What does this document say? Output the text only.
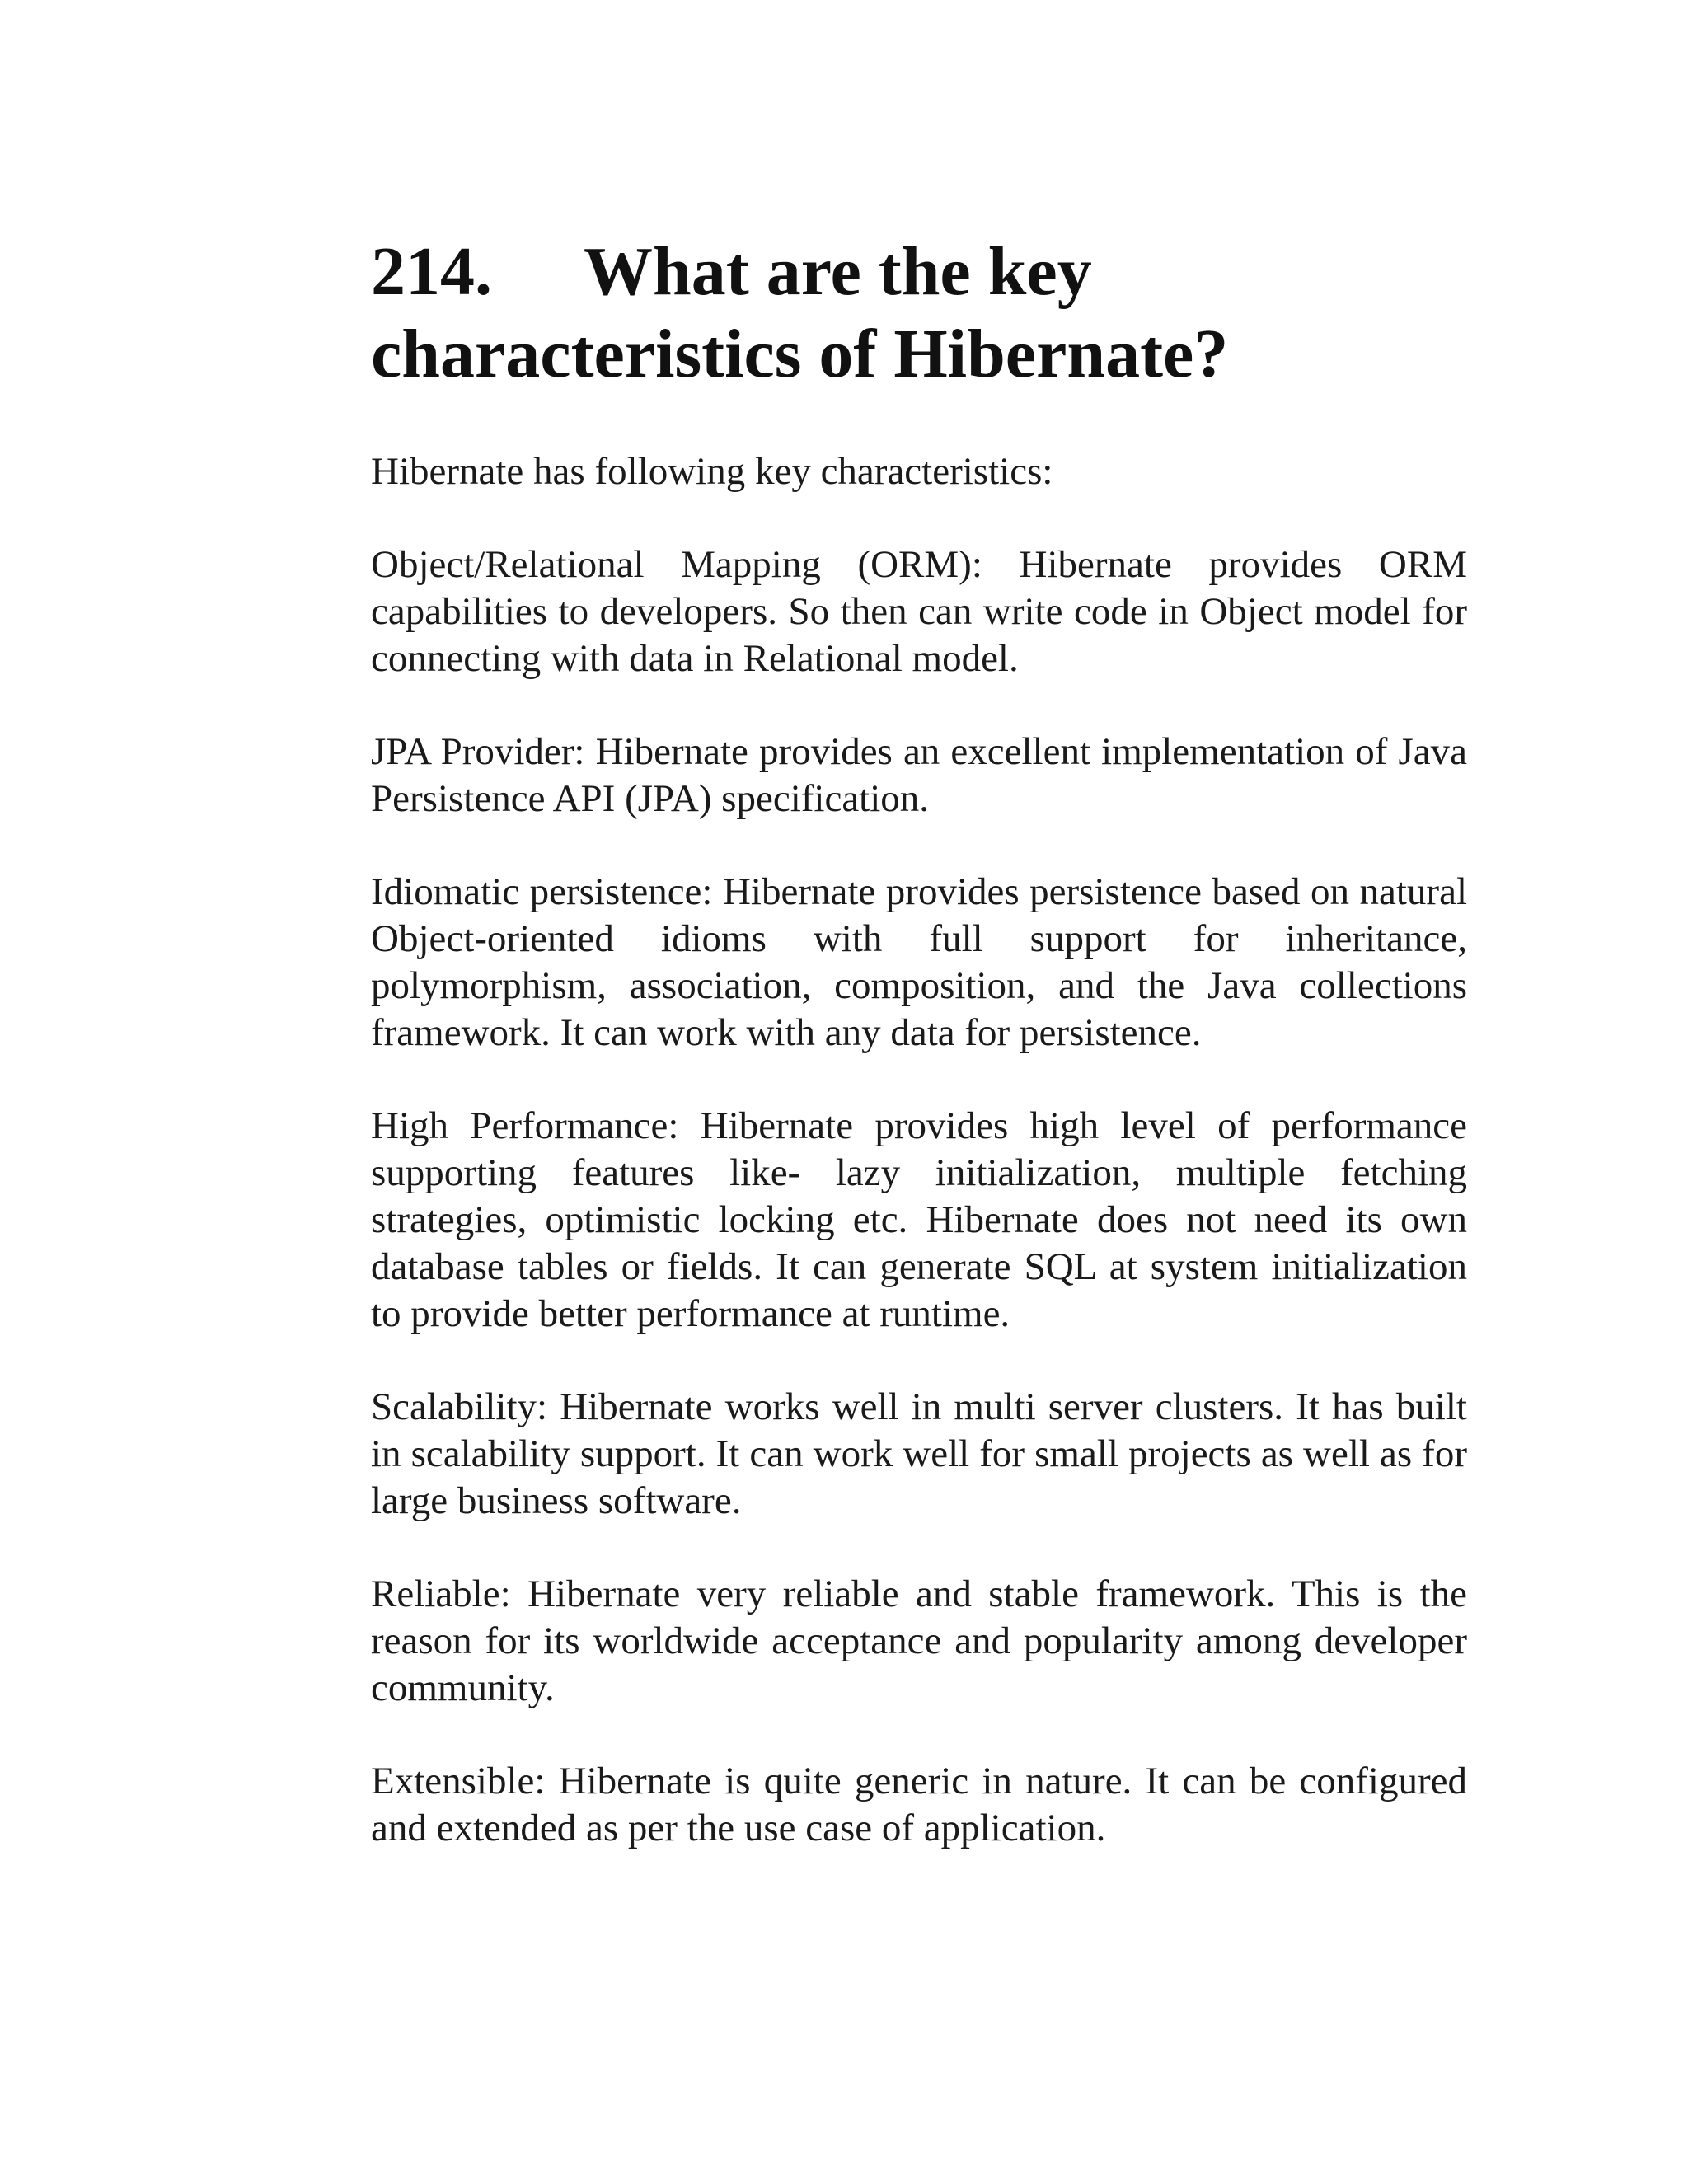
214. What are the key
characteristics of Hibernate?

Hibernate has following key characteristics:

Object/Relational Mapping (ORM): Hibernate provides ORM capabilities to developers. So then can write code in Object model for connecting with data in Relational model.

JPA Provider: Hibernate provides an excellent implementation of Java Persistence API (JPA) specification.

Idiomatic persistence: Hibernate provides persistence based on natural Object-oriented idioms with full support for inheritance, polymorphism, association, composition, and the Java collections framework. It can work with any data for persistence.

High Performance: Hibernate provides high level of performance supporting features like- lazy initialization, multiple fetching strategies, optimistic locking etc. Hibernate does not need its own database tables or fields. It can generate SQL at system initialization to provide better performance at runtime.

Scalability: Hibernate works well in multi server clusters. It has built in scalability support. It can work well for small projects as well as for large business software.

Reliable: Hibernate very reliable and stable framework. This is the reason for its worldwide acceptance and popularity among developer community.

Extensible: Hibernate is quite generic in nature. It can be configured and extended as per the use case of application.
